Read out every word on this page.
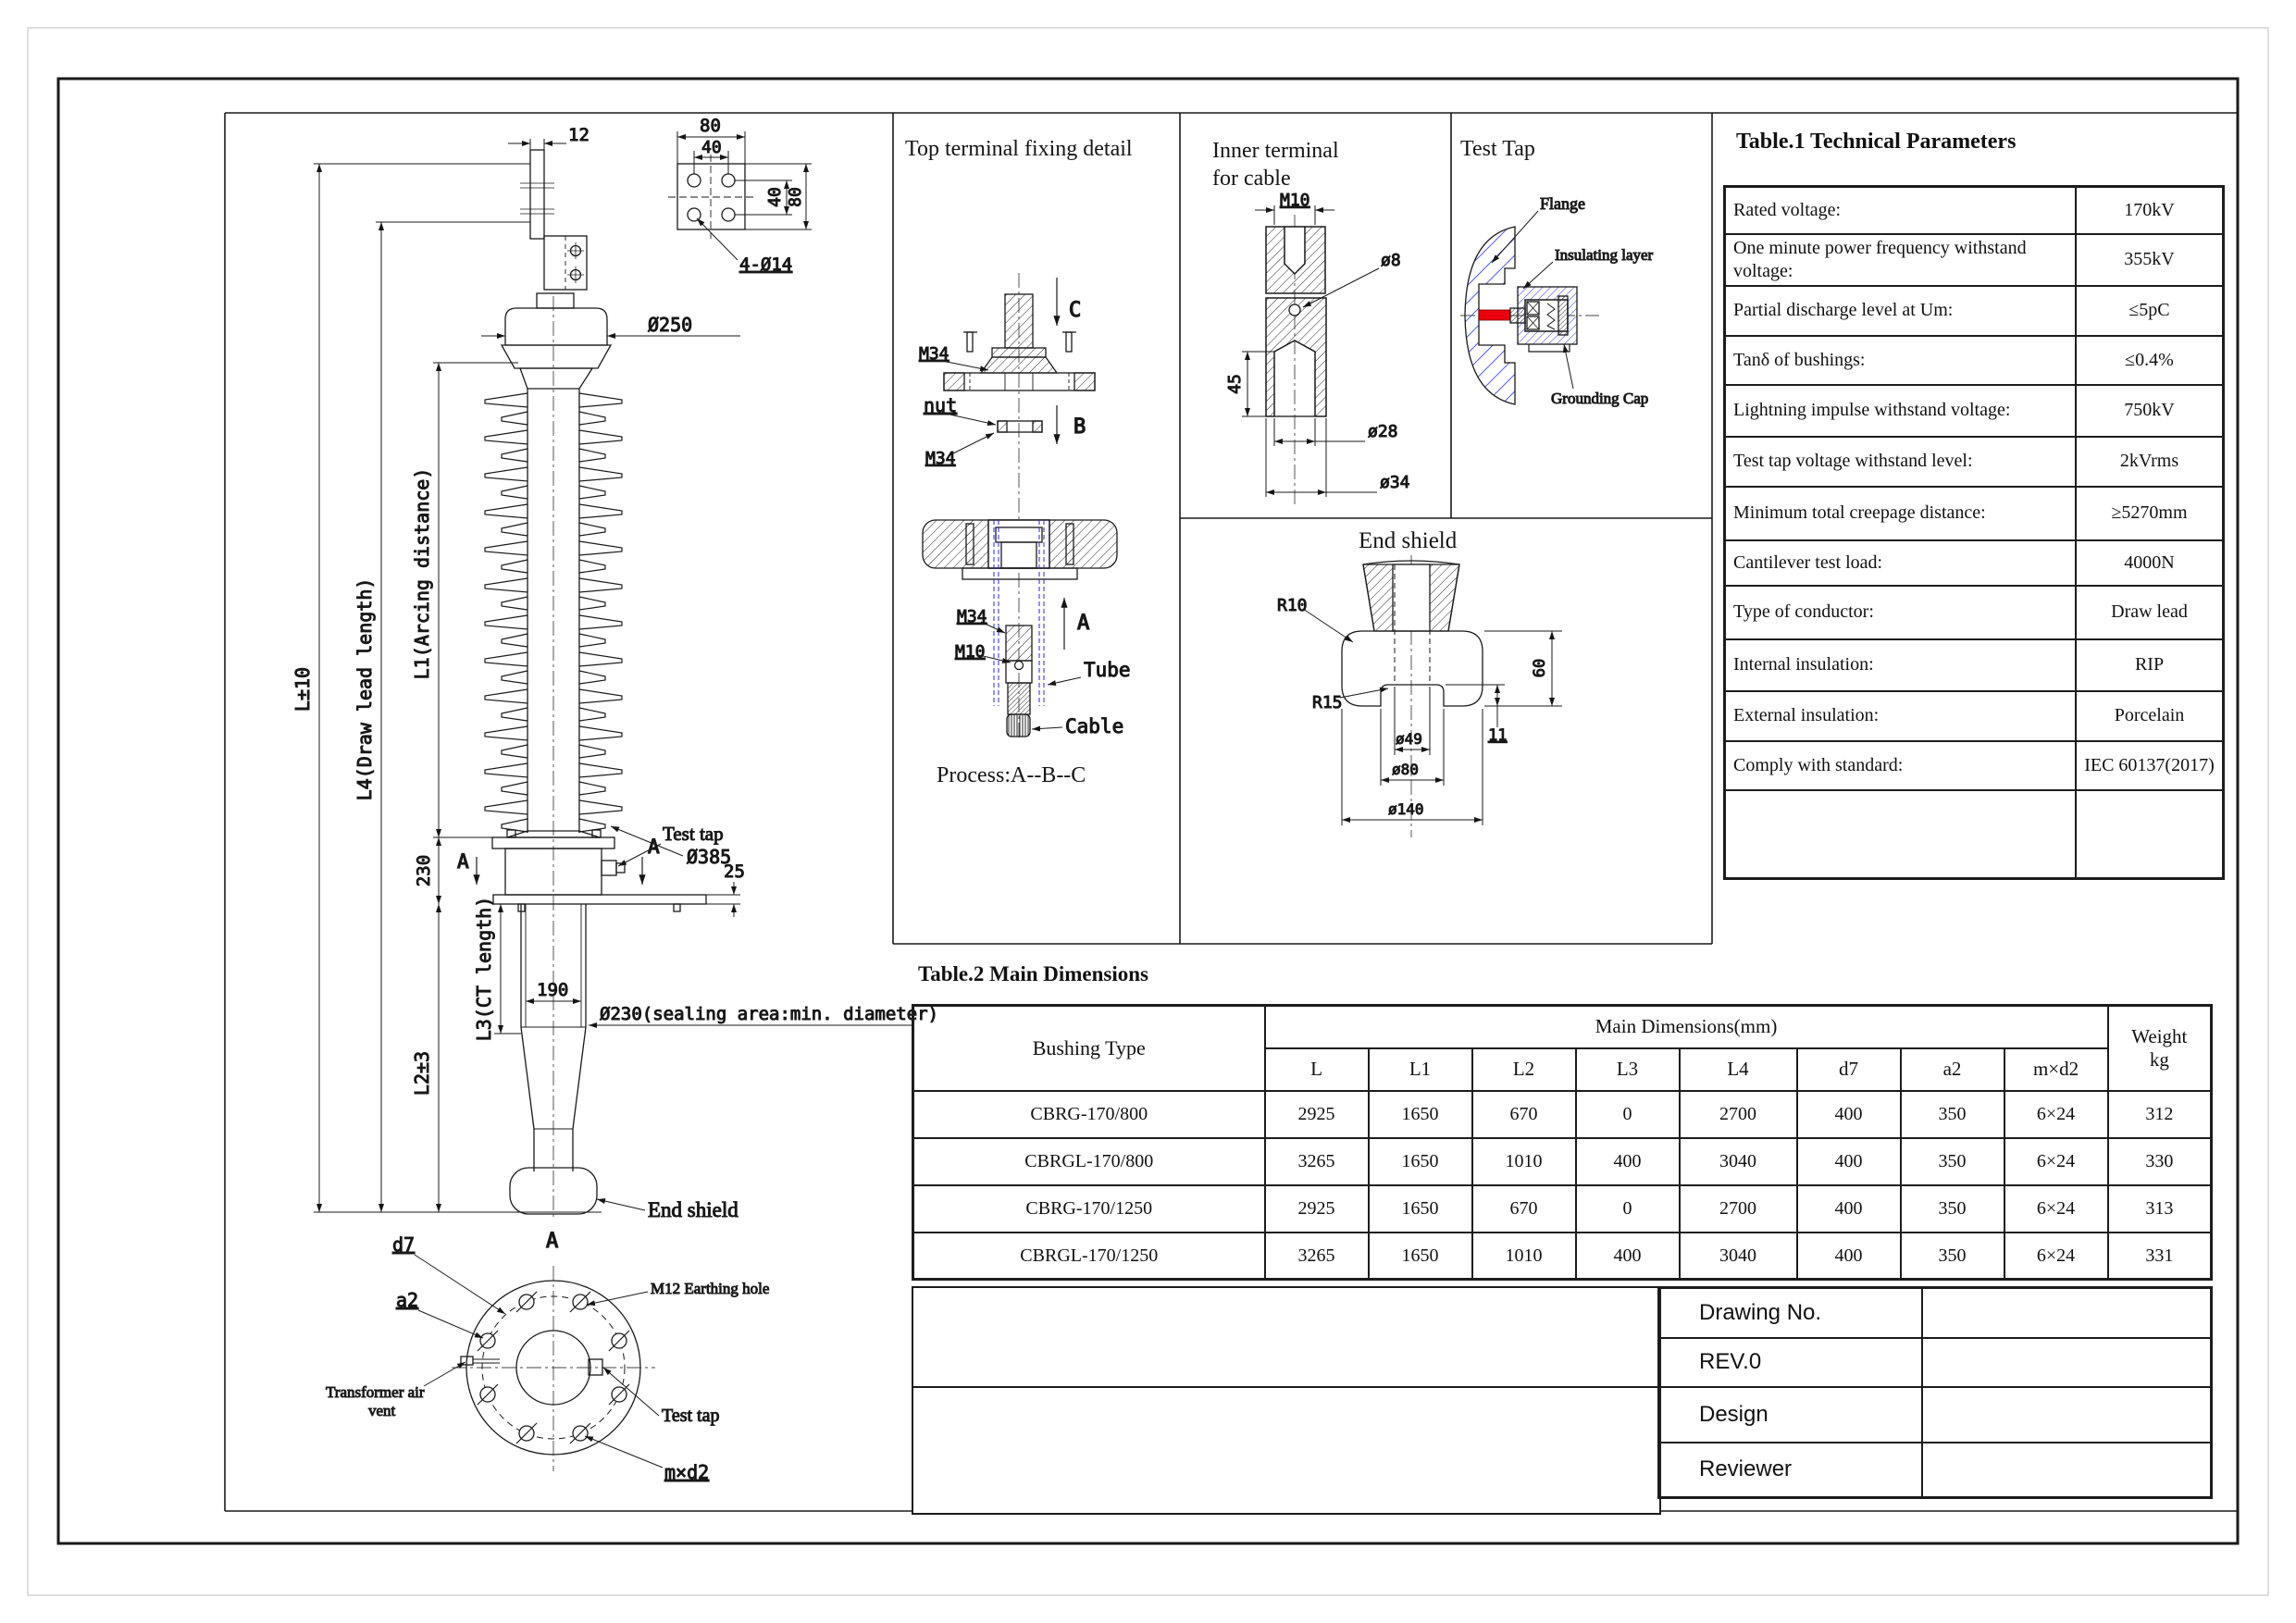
12
Ø250
Ø385
Test tap
A
A
25
190
Ø230(sealing area:min. diameter)
L±10 L4(Draw lead length)
L1(Arcing distance)
230
L2±3
L3(CT length)
End shield
A
d7
a2
M12 Earthing hole
Transformer air
vent	Test tap
m×d2
80
40
40 80
4-Ø14
Top terminal fixing detail
C
M34
nut
B
M34
M34
M10
A
Tube
Cable
Process:A--B--C
Inner terminal
for cable
M10
ø8
45
ø28
ø34
Test Tap
Flange
Insulating layer
Grounding Cap
End shield
R10
R15
60
11
ø49
ø80
ø140
Table.1 Technical Parameters
Rated voltage:	170kV
One minute power frequency withstand voltage:	355kV
Partial discharge level at Um:	≤5pC
Tanδ of bushings:	≤0.4%
Lightning impulse withstand voltage:	750kV
Test tap voltage withstand level:	2kVrms
Minimum total creepage distance:	≥5270mm
Cantilever test load:	4000N
Type of conductor:	Draw lead
Internal insulation:	RIP
External insulation:	Porcelain
Comply with standard:	IEC 60137(2017)

Table.2 Main Dimensions
Bushing Type	Main Dimensions(mm)								Weight
kg

	L	L1	L2	L3	L4	d7	a2	m×d2	
CBRG-170/800	2925	1650	670	0	2700	400	350	6×24	312
CBRGL-170/800	3265	1650	1010	400	3040	400	350	6×24	330
CBRG-170/1250	2925	1650	670	0	2700	400	350	6×24	313
CBRGL-170/1250	3265	1650	1010	400	3040	400	350	6×24	331
Drawing No.	
REV.0	
Design	
Reviewer	
